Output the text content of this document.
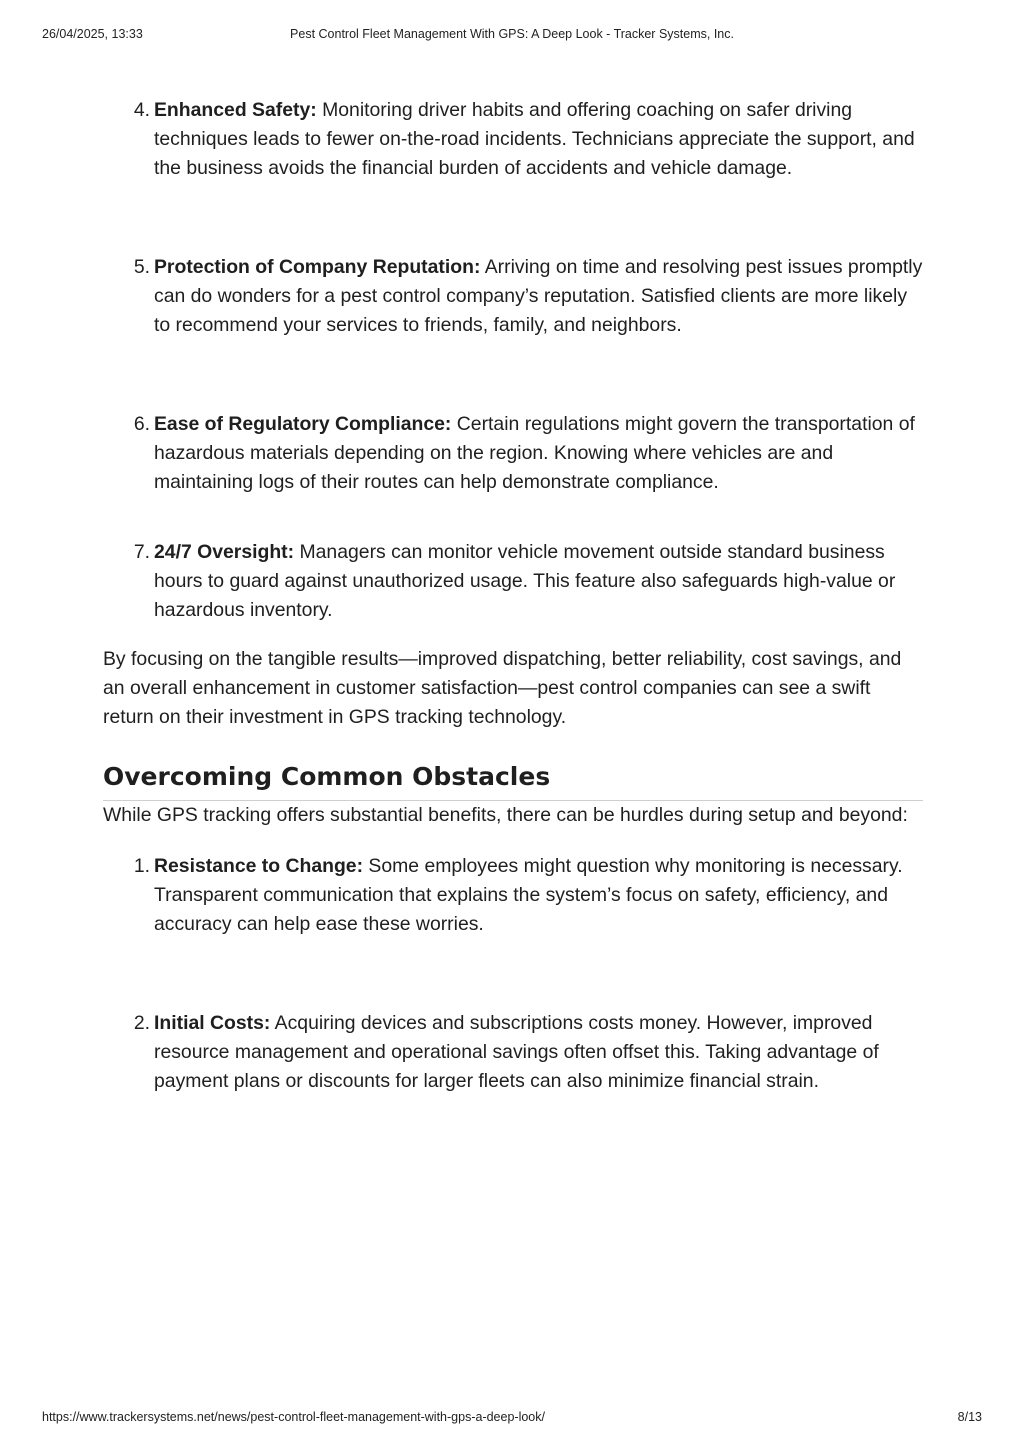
26/04/2025, 13:33	Pest Control Fleet Management With GPS: A Deep Look - Tracker Systems, Inc.
4. Enhanced Safety: Monitoring driver habits and offering coaching on safer driving techniques leads to fewer on-the-road incidents. Technicians appreciate the support, and the business avoids the financial burden of accidents and vehicle damage.
5. Protection of Company Reputation: Arriving on time and resolving pest issues promptly can do wonders for a pest control company’s reputation. Satisfied clients are more likely to recommend your services to friends, family, and neighbors.
6. Ease of Regulatory Compliance: Certain regulations might govern the transportation of hazardous materials depending on the region. Knowing where vehicles are and maintaining logs of their routes can help demonstrate compliance.
7. 24/7 Oversight: Managers can monitor vehicle movement outside standard business hours to guard against unauthorized usage. This feature also safeguards high-value or hazardous inventory.

By focusing on the tangible results—improved dispatching, better reliability, cost savings, and an overall enhancement in customer satisfaction—pest control companies can see a swift return on their investment in GPS tracking technology.

Overcoming Common Obstacles

While GPS tracking offers substantial benefits, there can be hurdles during setup and beyond:

1. Resistance to Change: Some employees might question why monitoring is necessary. Transparent communication that explains the system’s focus on safety, efficiency, and accuracy can help ease these worries.
2. Initial Costs: Acquiring devices and subscriptions costs money. However, improved resource management and operational savings often offset this. Taking advantage of payment plans or discounts for larger fleets can also minimize financial strain.
https://www.trackersystems.net/news/pest-control-fleet-management-with-gps-a-deep-look/	8/13
